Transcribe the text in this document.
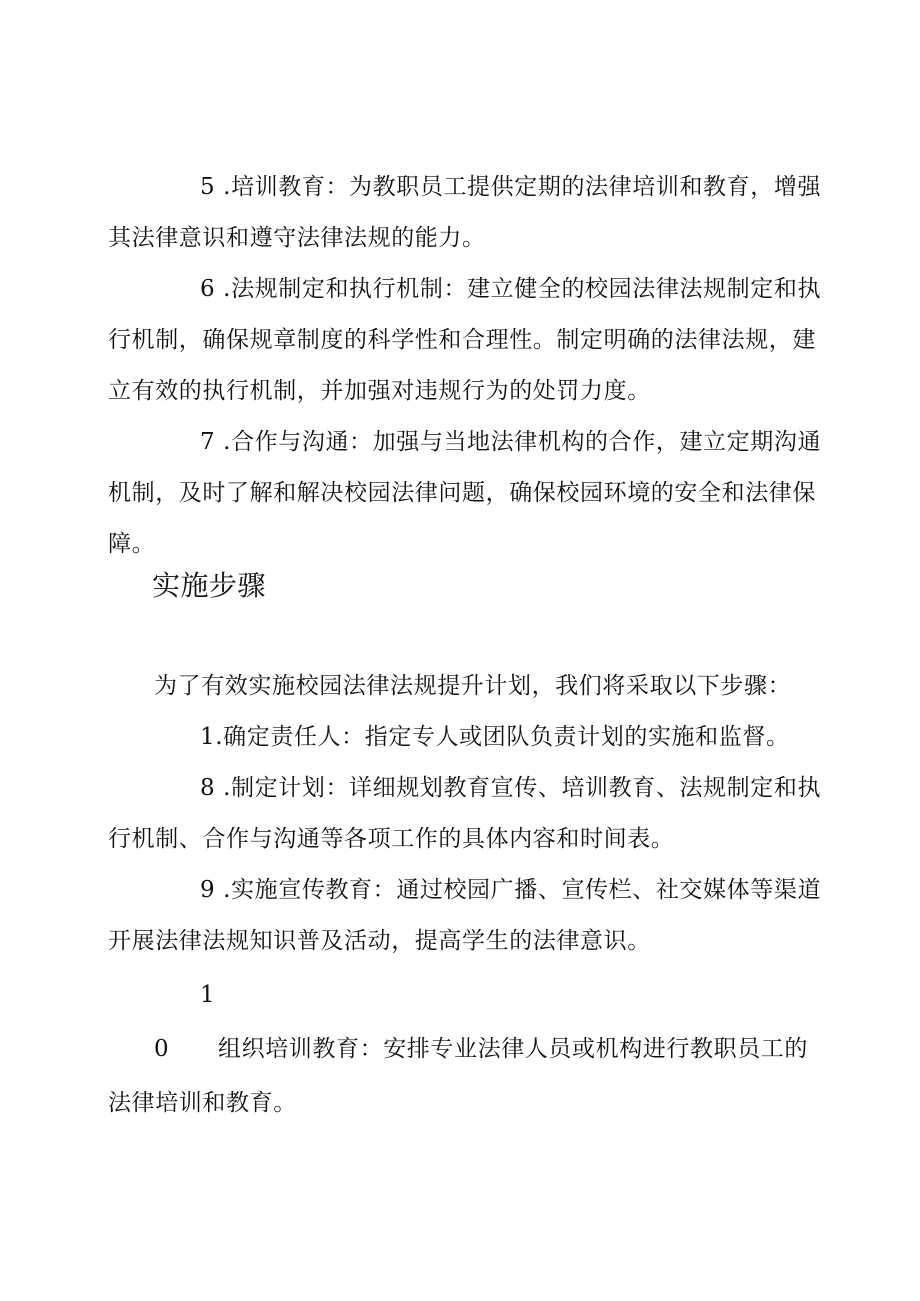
5 .培训教育：为教职员工提供定期的法律培训和教育，增强其法律意识和遵守法律法规的能力。

6 .法规制定和执行机制：建立健全的校园法律法规制定和执行机制，确保规章制度的科学性和合理性。制定明确的法律法规，建立有效的执行机制，并加强对违规行为的处罚力度。

7 .合作与沟通：加强与当地法律机构的合作，建立定期沟通机制，及时了解和解决校园法律问题，确保校园环境的安全和法律保障。

实施步骤

为了有效实施校园法律法规提升计划，我们将采取以下步骤：

1.确定责任人：指定专人或团队负责计划的实施和监督。

8 .制定计划：详细规划教育宣传、培训教育、法规制定和执行机制、合作与沟通等各项工作的具体内容和时间表。

9 .实施宣传教育：通过校园广播、宣传栏、社交媒体等渠道开展法律法规知识普及活动，提高学生的法律意识。

10 组织培训教育：安排专业法律人员或机构进行教职员工的法律培训和教育。
